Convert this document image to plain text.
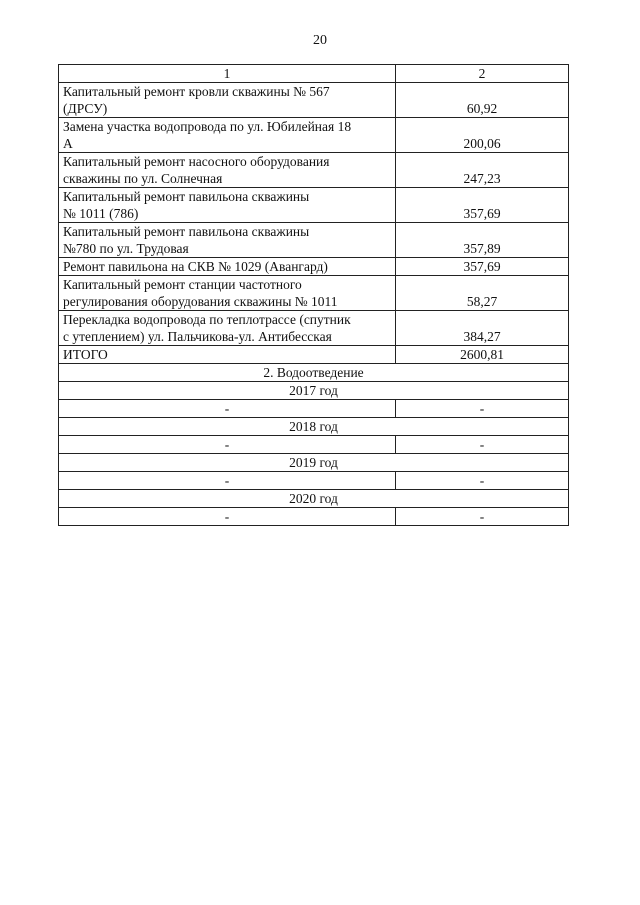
20
1	2

Капитальный ремонт кровли скважины № 567
(ДРСУ)	60,92

Замена участка водопровода по ул. Юбилейная 18
А	200,06

Капитальный ремонт насосного оборудования
скважины по ул. Солнечная	247,23

Капитальный ремонт павильона скважины
№ 1011 (786)	357,69

Капитальный ремонт павильона скважины
№780 по ул. Трудовая	357,89

Ремонт павильона на СКВ № 1029 (Авангард)	357,69

Капитальный ремонт станции частотного
регулирования оборудования скважины № 1011	58,27

Перекладка водопровода по теплотрассе (спутник
с утеплением) ул. Пальчикова-ул. Антибесская	384,27
ИТОГО	2600,81
2. Водоотведение	
2017 год	
-	-
2018 год	
-	-
2019 год	
-	-
2020 год	
-	-
